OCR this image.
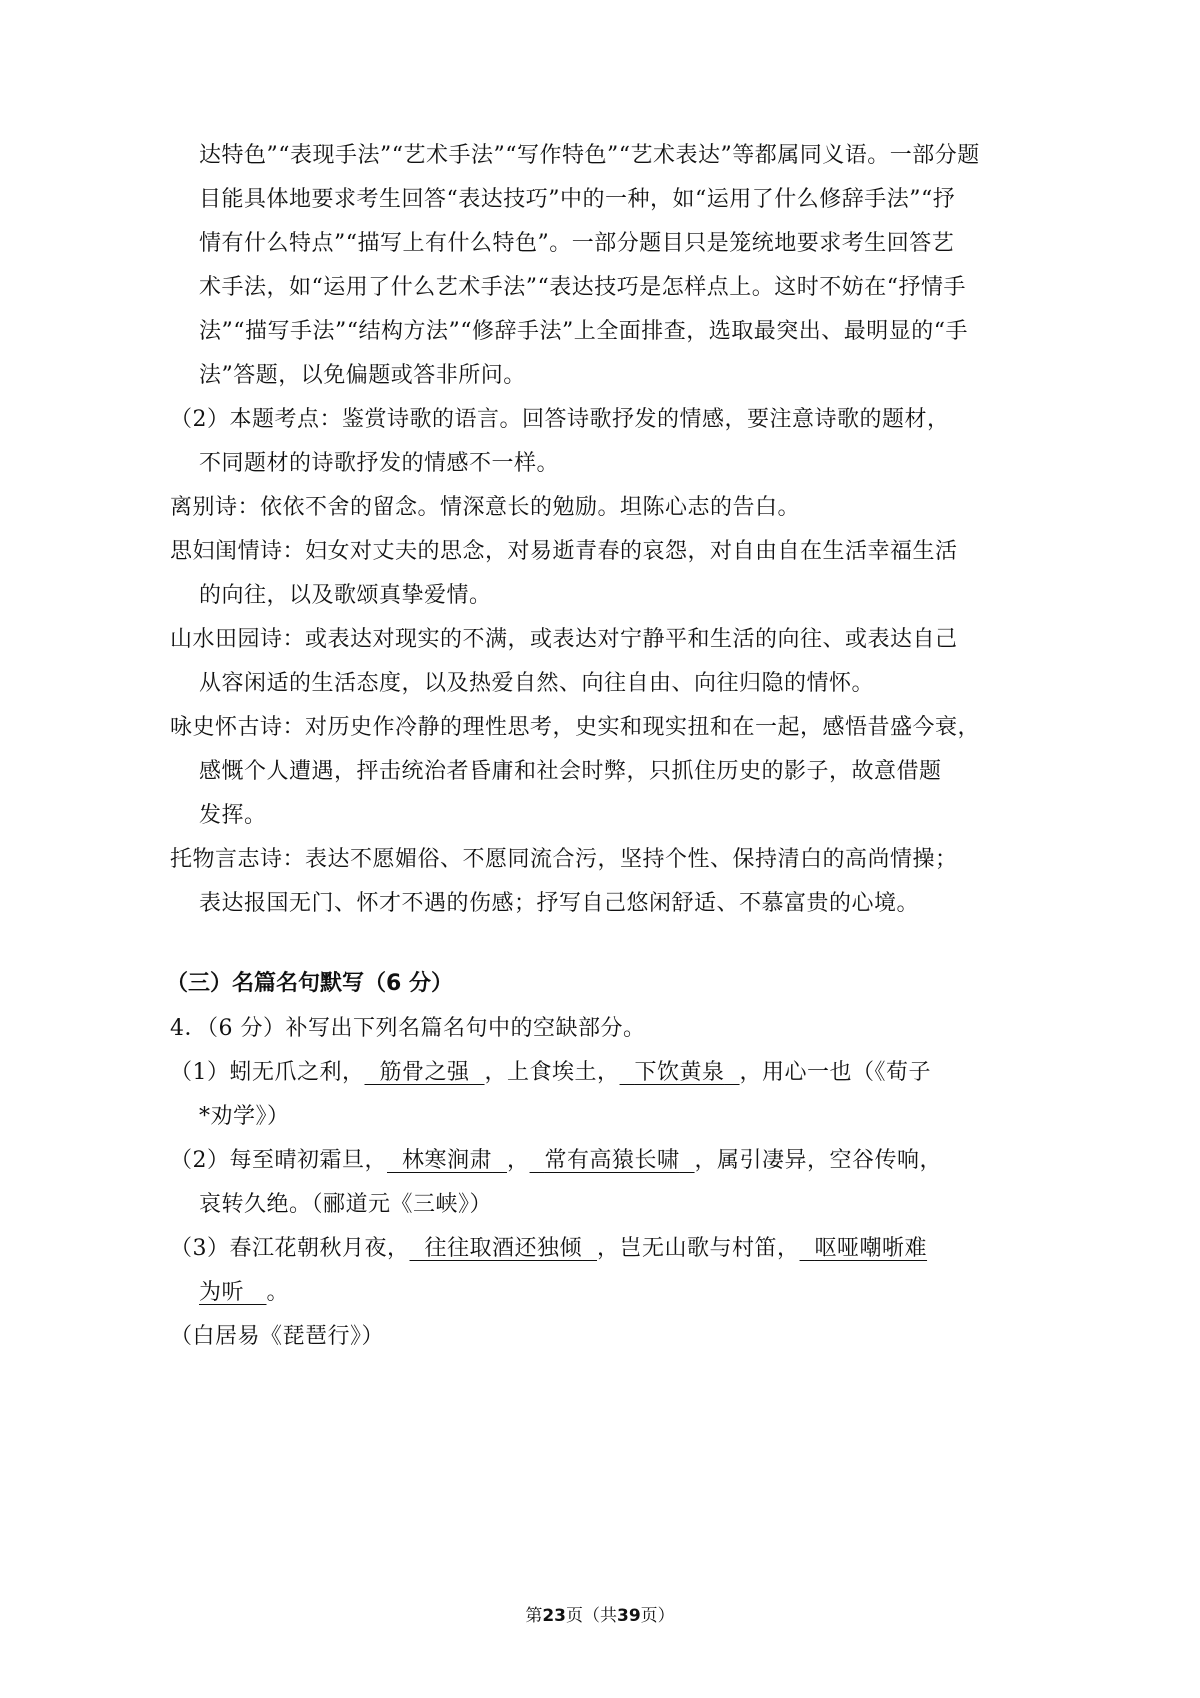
达特色”“表现手法”“艺术手法”“写作特色”“艺术表达”等都属同义语。一部分题
目能具体地要求考生回答“表达技巧”中的一种，如“运用了什么修辞手法”“抒
情有什么特点”“描写上有什么特色”。一部分题目只是笼统地要求考生回答艺
术手法，如“运用了什么艺术手法”“表达技巧是怎样点上。这时不妨在“抒情手
法”“描写手法”“结构方法”“修辞手法”上全面排查，选取最突出、最明显的“手
法”答题，以免偏题或答非所问。
（2）本题考点：鉴赏诗歌的语言。回答诗歌抒发的情感，要注意诗歌的题材，
不同题材的诗歌抒发的情感不一样。
离别诗：依依不舍的留念。情深意长的勉励。坦陈心志的告白。
思妇闺情诗：妇女对丈夫的思念，对易逝青春的哀怨，对自由自在生活幸福生活
的向往，以及歌颂真挚爱情。
山水田园诗：或表达对现实的不满，或表达对宁静平和生活的向往、或表达自己
从容闲适的生活态度，以及热爱自然、向往自由、向往归隐的情怀。
咏史怀古诗：对历史作冷静的理性思考，史实和现实扭和在一起，感悟昔盛今衰，
感慨个人遭遇，抨击统治者昏庸和社会时弊，只抓住历史的影子，故意借题
发挥。
托物言志诗：表达不愿媚俗、不愿同流合污，坚持个性、保持清白的高尚情操；
表达报国无门、怀才不遇的伤感；抒写自己悠闲舒适、不慕富贵的心境。
（三）名篇名句默写（6 分）
4．（6 分）补写出下列名篇名句中的空缺部分。
（1）蚓无爪之利， 筋骨之强 ，上食埃土， 下饮黄泉 ，用心一也（《荀子
*劝学》）
（2）每至晴初霜旦， 林寒涧肃 ， 常有高猿长啸 ，属引凄异，空谷传响，
哀转久绝。（郦道元《三峡》）
（3）春江花朝秋月夜， 往往取酒还独倾 ，岂无山歌与村笛， 呕哑嘲哳难
为听 。
（白居易《琵琶行》）
第23页（共39页）
